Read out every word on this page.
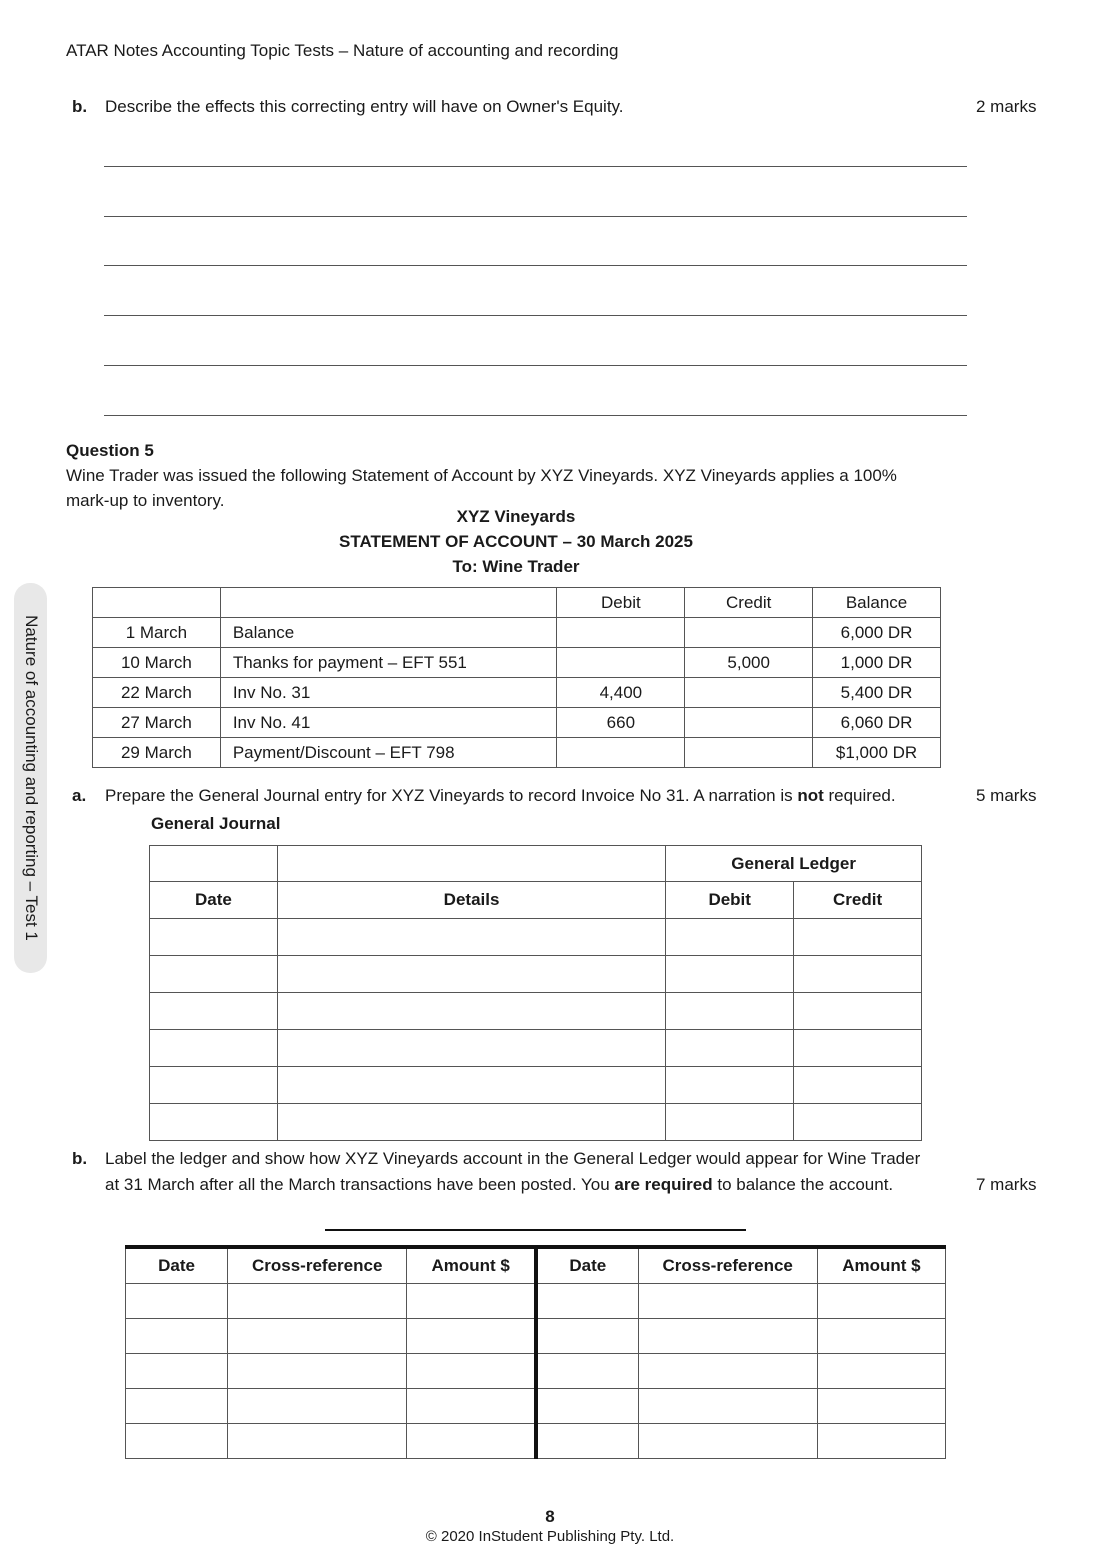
ATAR Notes Accounting Topic Tests – Nature of accounting and recording
Nature of accounting and reporting – Test 1
b. Describe the effects this correcting entry will have on Owner's Equity.	2 marks
Question 5
Wine Trader was issued the following Statement of Account by XYZ Vineyards. XYZ Vineyards applies a 100%
mark-up to inventory.
XYZ Vineyards
STATEMENT OF ACCOUNT – 30 March 2025
To: Wine Trader
		Debit	Credit	Balance
1 March	Balance			6,000 DR
10 March	Thanks for payment – EFT 551		5,000	1,000 DR
22 March	Inv No. 31	4,400		5,400 DR
27 March	Inv No. 41	660		6,060 DR
29 March	Payment/Discount – EFT 798			$1,000 DR
a. Prepare the General Journal entry for XYZ Vineyards to record Invoice No 31. A narration is not required.	5 marks
General Journal
		General Ledger	
Date	Details	Debit	Credit

b. Label the ledger and show how XYZ Vineyards account in the General Ledger would appear for Wine Trader
at 31 March after all the March transactions have been posted. You are required to balance the account.	7 marks
Date	Cross-reference	Amount $	Date	Cross-reference	Amount $

8
© 2020 InStudent Publishing Pty. Ltd.
